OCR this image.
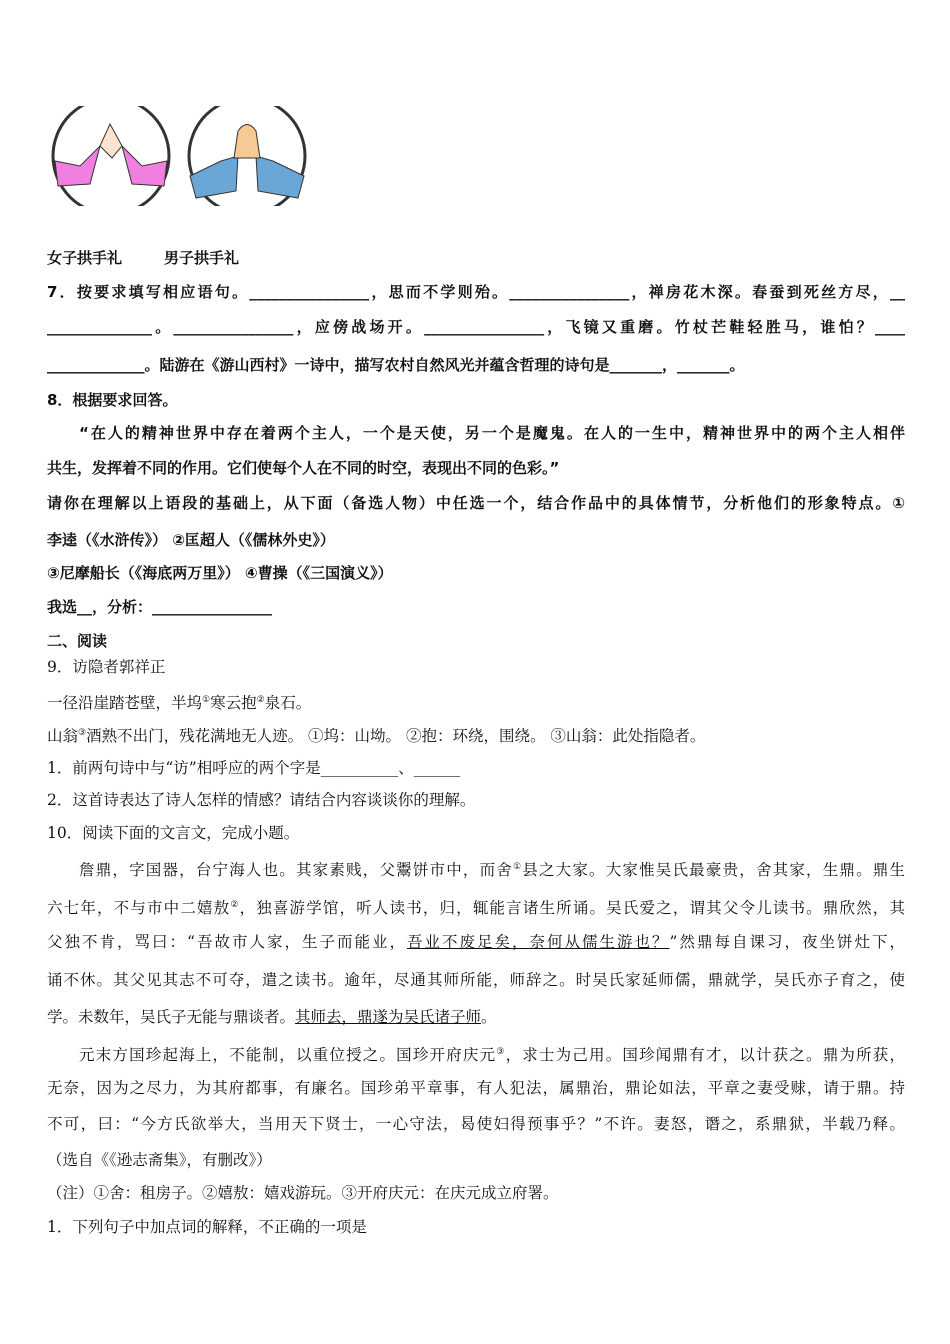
女子拱手礼	男子拱手礼
7．按要求填写相应语句。________________，思而不学则殆。________________，禅房花木深。春蚕到死丝方尽，__
______________。________________，应傍战场开。________________，飞镜又重磨。竹杖芒鞋轻胜马，谁怕？____
_____________。陆游在《游山西村》一诗中，描写农村自然风光并蕴含哲理的诗句是_______，_______。
8．根据要求回答。
“在人的精神世界中存在着两个主人，一个是天使，另一个是魔鬼。在人的一生中，精神世界中的两个主人相伴
共生，发挥着不同的作用。它们使每个人在不同的时空，表现出不同的色彩。”
请你在理解以上语段的基础上，从下面（备选人物）中任选一个，结合作品中的具体情节，分析他们的形象特点。①
李逵（《水浒传》） ②匡超人（《儒林外史》）
③尼摩船长（《海底两万里》） ④曹操（《三国演义》）
我选__，分析：________________
二、阅读
9．访隐者郭祥正
一径沿崖踏苍壁，半坞①寒云抱②泉石。
山翁③酒熟不出门，残花满地无人迹。 ①坞：山坳。 ②抱：环绕，围绕。 ③山翁：此处指隐者。
1．前两句诗中与“访”相呼应的两个字是__________、______
2．这首诗表达了诗人怎样的情感？请结合内容谈谈你的理解。
10．阅读下面的文言文，完成小题。
詹鼎，字国器，台宁海人也。其家素贱，父鬻饼市中，而舍①县之大家。大家惟吴氏最豪贵，舍其家，生鼎。鼎生
六七年，不与市中二嬉敖②，独喜游学馆，听人读书，归，辄能言诸生所诵。吴氏爱之，谓其父令儿读书。鼎欣然，其
父独不肯，骂曰：“吾故市人家，生子而能业，吾业不废足矣，奈何从儒生游也？”然鼎每自课习，夜坐饼灶下，
诵不休。其父见其志不可夺，遣之读书。逾年，尽通其师所能，师辞之。时吴氏家延师儒，鼎就学，吴氏亦子育之，使
学。未数年，吴氏子无能与鼎谈者。其师去，鼎遂为吴氏诸子师。
元末方国珍起海上，不能制，以重位授之。国珍开府庆元③，求士为己用。国珍闻鼎有才，以计获之。鼎为所获，
无奈，因为之尽力，为其府都事，有廉名。国珍弟平章事，有人犯法，属鼎治，鼎论如法，平章之妻受赇，请于鼎。持
不可，曰：“今方氏欲举大，当用天下贤士，一心守法，曷使妇得预事乎？”不许。妻怒，谮之，系鼎狱，半载乃释。
（选自《《逊志斋集》，有删改》）
（注）①舍：租房子。②嬉敖：嬉戏游玩。③开府庆元：在庆元成立府署。
1．下列句子中加点词的解释，不正确的一项是
